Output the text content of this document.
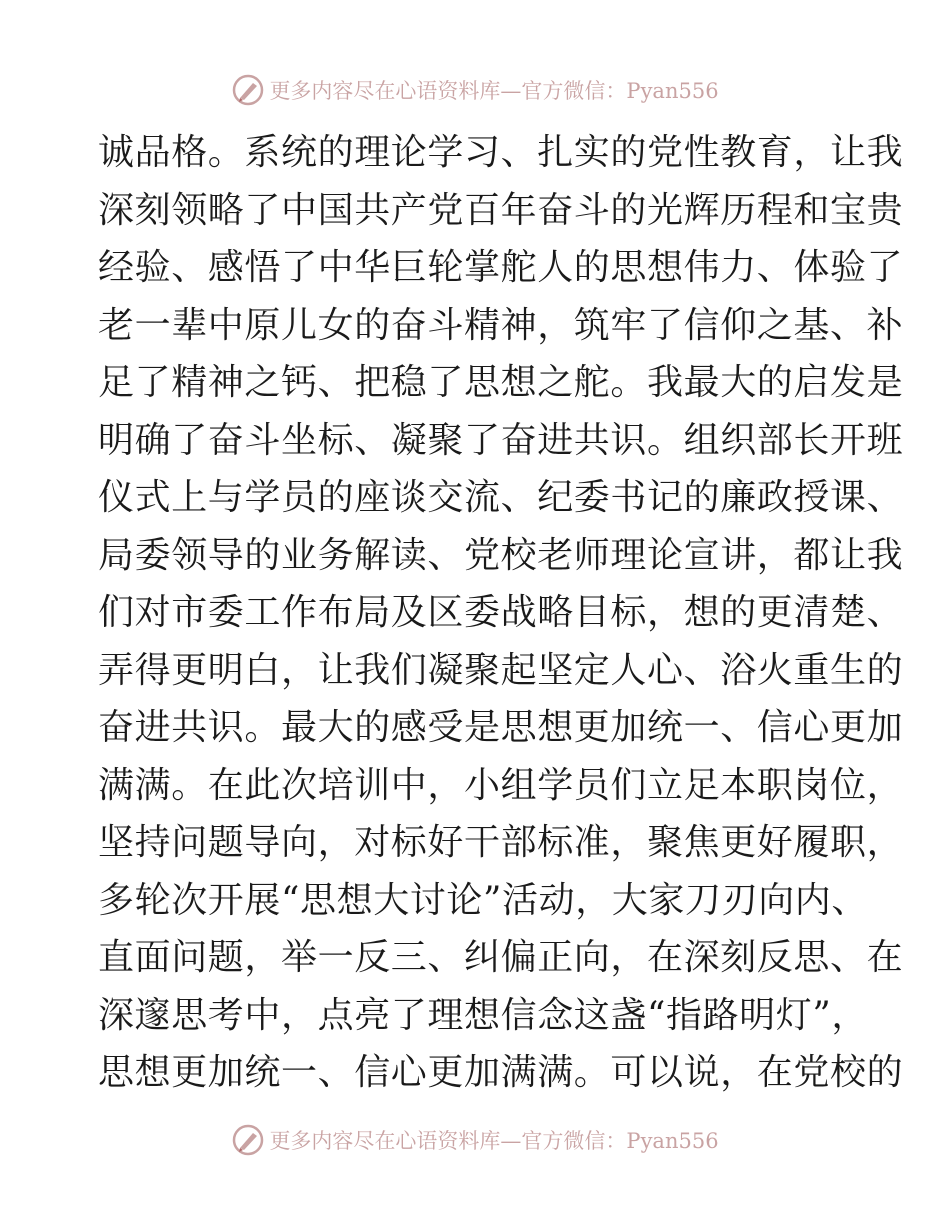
更多内容尽在心语资料库—官方微信：Pyan556
诚品格。系统的理论学习、扎实的党性教育，让我
深刻领略了中国共产党百年奋斗的光辉历程和宝贵
经验、感悟了中华巨轮掌舵人的思想伟力、体验了
老一辈中原儿女的奋斗精神，筑牢了信仰之基、补
足了精神之钙、把稳了思想之舵。我最大的启发是
明确了奋斗坐标、凝聚了奋进共识。组织部长开班
仪式上与学员的座谈交流、纪委书记的廉政授课、
局委领导的业务解读、党校老师理论宣讲，都让我
们对市委工作布局及区委战略目标，想的更清楚、
弄得更明白，让我们凝聚起坚定人心、浴火重生的
奋进共识。最大的感受是思想更加统一、信心更加
满满。在此次培训中，小组学员们立足本职岗位，
坚持问题导向，对标好干部标准，聚焦更好履职，
多轮次开展“思想大讨论”活动，大家刀刃向内、
直面问题，举一反三、纠偏正向，在深刻反思、在
深邃思考中，点亮了理想信念这盏“指路明灯”，
思想更加统一、信心更加满满。可以说，在党校的
更多内容尽在心语资料库—官方微信：Pyan556
